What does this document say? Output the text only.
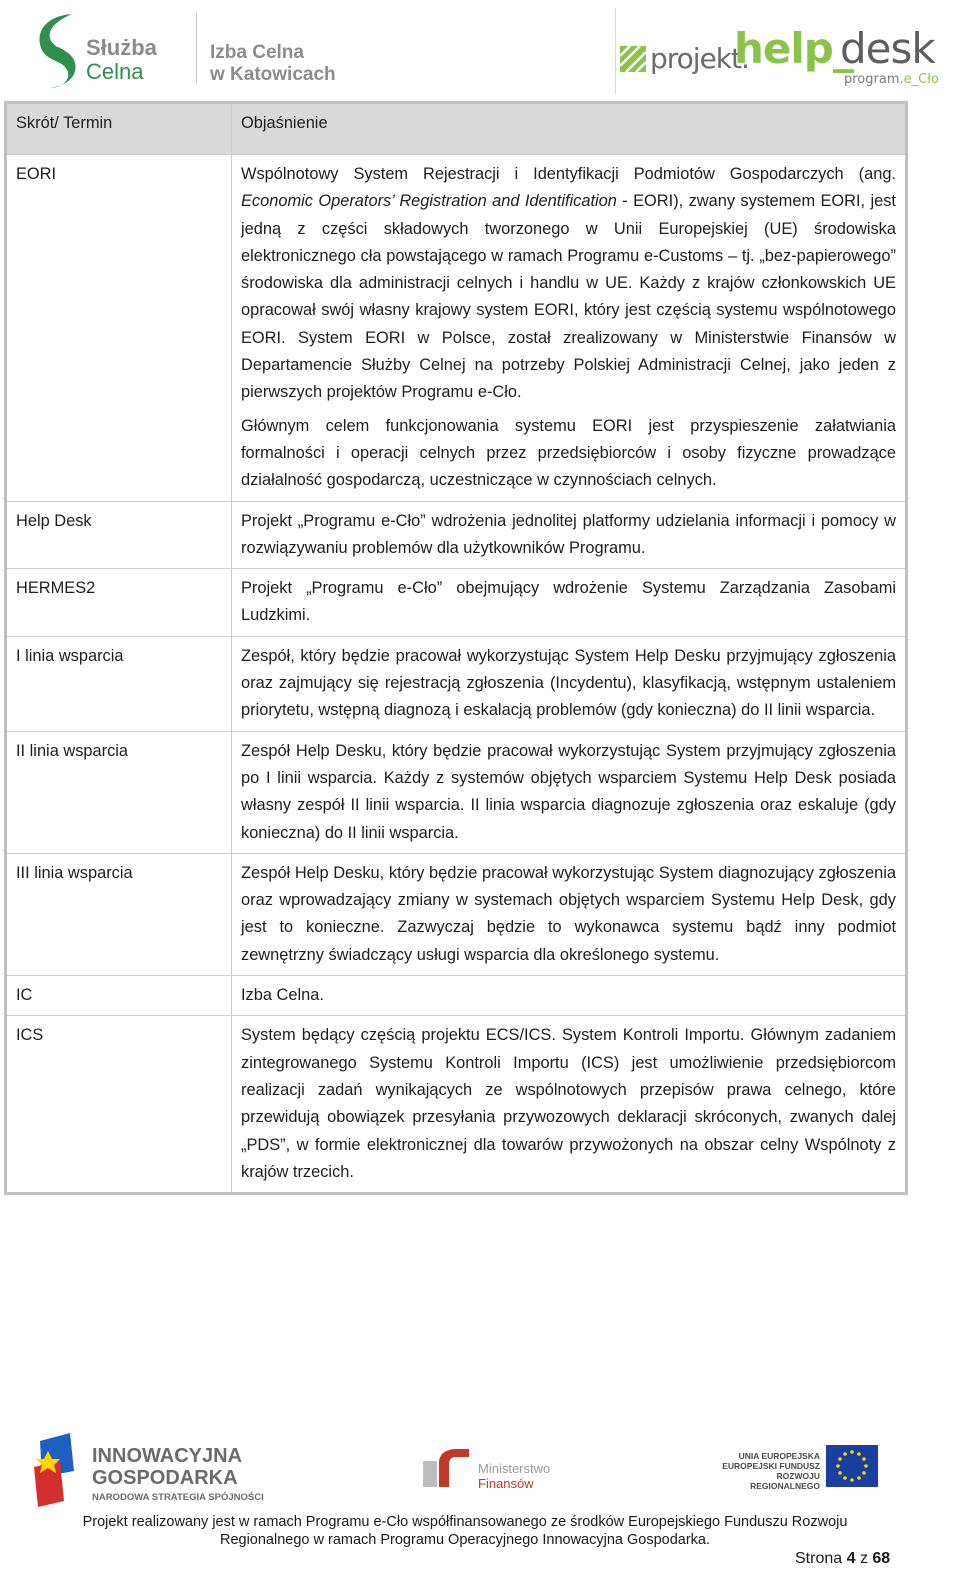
Służba
Celna
Izba Celna
w Katowicach	projekt.
help_
desk
program.e_Cło
Skrót/ Termin	Objaśnienie
EORI	Wspólnotowy System Rejestracji i Identyfikacji Podmiotów Gospodarczych (ang. Economic Operators’ Registration and Identification - EORI), zwany systemem EORI, jest jedną z części składowych tworzonego w Unii Europejskiej (UE) środowiska elektronicznego cła powstającego w ramach Programu e-Customs – tj. „bez-papierowego” środowiska dla administracji celnych i handlu w UE. Każdy z krajów członkowskich UE opracował swój własny krajowy system EORI, który jest częścią systemu wspólnotowego EORI. System EORI w Polsce, został zrealizowany w Ministerstwie Finansów w Departamencie Służby Celnej na potrzeby Polskiej Administracji Celnej, jako jeden z pierwszych projektów Programu e-Cło.

Głównym celem funkcjonowania systemu EORI jest przyspieszenie załatwiania formalności i operacji celnych przez przedsiębiorców i osoby fizyczne prowadzące działalność gospodarczą, uczestniczące w czynnościach celnych.

Help Desk	Projekt „Programu e-Cło” wdrożenia jednolitej platformy udzielania informacji i pomocy w rozwiązywaniu problemów dla użytkowników Programu.
HERMES2	Projekt „Programu e-Cło” obejmujący wdrożenie Systemu Zarządzania Zasobami Ludzkimi.
I linia wsparcia	Zespół, który będzie pracował wykorzystując System Help Desku przyjmujący zgłoszenia oraz zajmujący się rejestracją zgłoszenia (Incydentu), klasyfikacją, wstępnym ustaleniem priorytetu, wstępną diagnozą i eskalacją problemów (gdy konieczna) do II linii wsparcia.
II linia wsparcia	Zespół Help Desku, który będzie pracował wykorzystując System przyjmujący zgłoszenia po I linii wsparcia. Każdy z systemów objętych wsparciem Systemu Help Desk posiada własny zespół II linii wsparcia. II linia wsparcia diagnozuje zgłoszenia oraz eskaluje (gdy konieczna) do II linii wsparcia.
III linia wsparcia	Zespół Help Desku, który będzie pracował wykorzystując System diagnozujący zgłoszenia oraz wprowadzający zmiany w systemach objętych wsparciem Systemu Help Desk, gdy jest to konieczne. Zazwyczaj będzie to wykonawca systemu bądź inny podmiot zewnętrzny świadczący usługi wsparcia dla określonego systemu.
IC	Izba Celna.
ICS	System będący częścią projektu ECS/ICS. System Kontroli Importu. Głównym zadaniem zintegrowanego Systemu Kontroli Importu (ICS) jest umożliwienie przedsiębiorcom realizacji zadań wynikających ze wspólnotowych przepisów prawa celnego, które przewidują obowiązek przesyłania przywozowych deklaracji skróconych, zwanych dalej „PDS”, w formie elektronicznej dla towarów przywożonych na obszar celny Wspólnoty z krajów trzecich.
INNOWACYJNA
GOSPODARKA
NARODOWA STRATEGIA SPÓJNOŚCI
Ministerstwo
Finansów
UNIA EUROPEJSKA
EUROPEJSKI FUNDUSZ
ROZWOJU REGIONALNEGO
Projekt realizowany jest w ramach Programu e-Cło współfinansowanego ze środków Europejskiego Funduszu Rozwoju
Regionalnego w ramach Programu Operacyjnego Innowacyjna Gospodarka.
Strona 4 z 68
